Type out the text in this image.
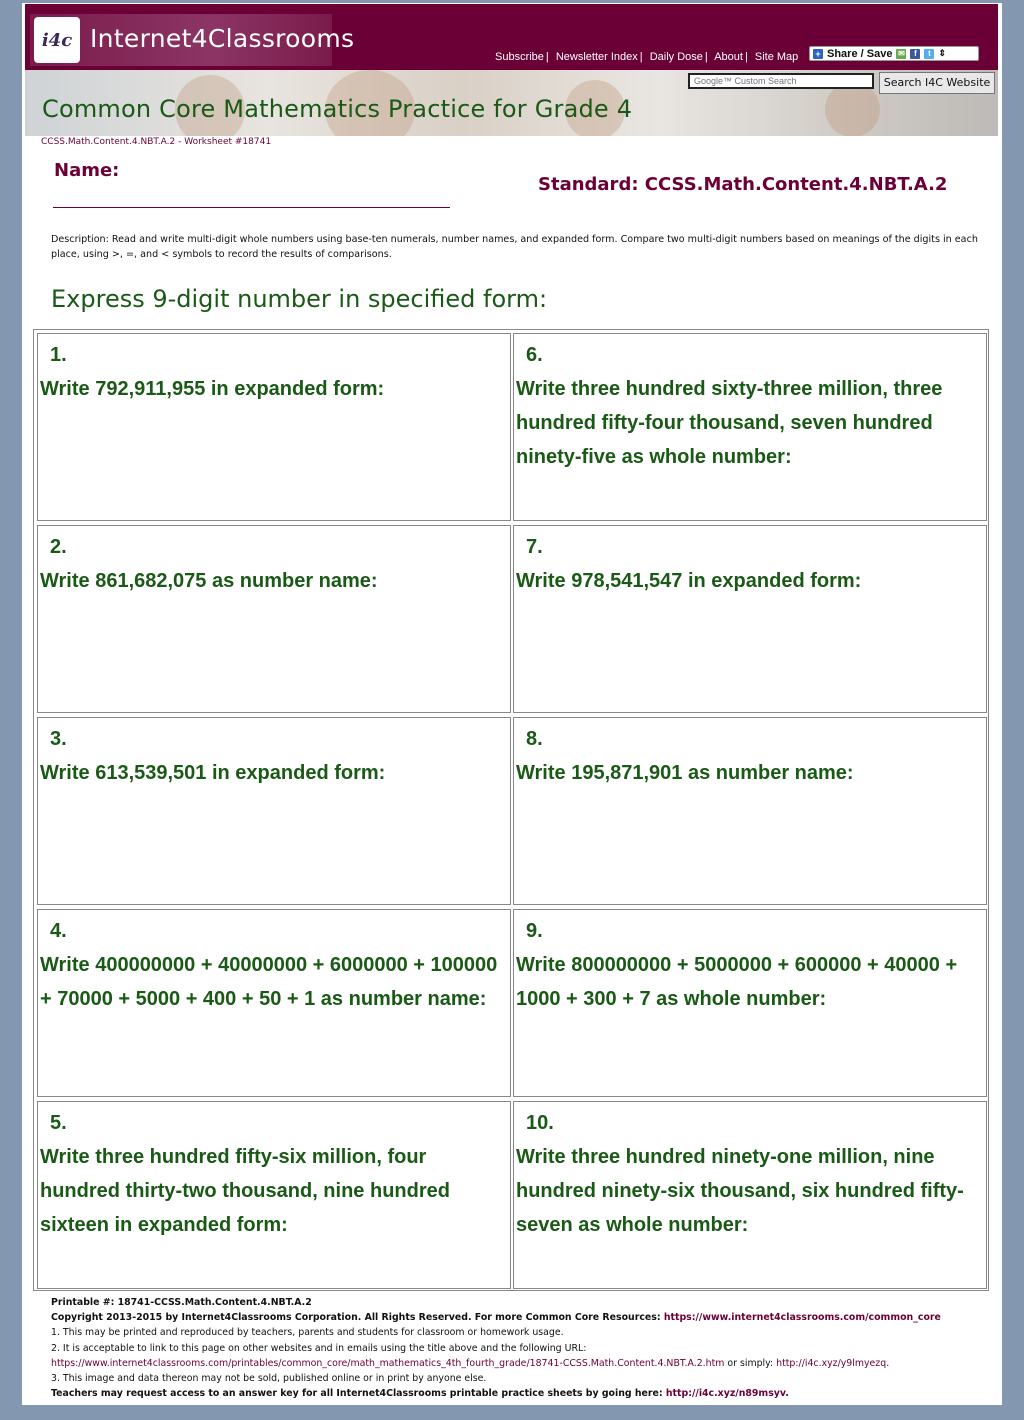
i4c Internet4Classrooms
Subscribe | Newsletter Index | Daily Dose | About | Site Map + Share / Save ✉	f	t ⇕
Google™ Custom Search
Search I4C Website
Common Core Mathematics Practice for Grade 4
CCSS.Math.Content.4.NBT.A.2 - Worksheet #18741
Name:
Standard: CCSS.Math.Content.4.NBT.A.2
Description: Read and write multi-digit whole numbers using base-ten numerals, number names, and expanded form. Compare two multi-digit numbers based on meanings of the digits in each place, using >, =, and < symbols to record the results of comparisons.
Express 9-digit number in specified form:
1.
Write 792,911,955 in expanded form:
6.
Write three hundred sixty-three million, three hundred fifty-four thousand, seven hundred ninety-five as whole number:
2.
Write 861,682,075 as number name:
7.
Write 978,541,547 in expanded form:
3.
Write 613,539,501 in expanded form:
8.
Write 195,871,901 as number name:
4.
Write 400000000 + 40000000 + 6000000 + 100000 + 70000 + 5000 + 400 + 50 + 1 as number name:
9.
Write 800000000 + 5000000 + 600000 + 40000 + 1000 + 300 + 7 as whole number:
5.
Write three hundred fifty-six million, four hundred thirty-two thousand, nine hundred sixteen in expanded form:
10.
Write three hundred ninety-one million, nine hundred ninety-six thousand, six hundred fifty-seven as whole number:
Printable #: 18741-CCSS.Math.Content.4.NBT.A.2
Copyright 2013-2015 by Internet4Classrooms Corporation. All Rights Reserved. For more Common Core Resources: https://www.internet4classrooms.com/common_core
1. This may be printed and reproduced by teachers, parents and students for classroom or homework usage.
2. It is acceptable to link to this page on other websites and in emails using the title above and the following URL:
https://www.internet4classrooms.com/printables/common_core/math_mathematics_4th_fourth_grade/18741-CCSS.Math.Content.4.NBT.A.2.htm or simply: http://i4c.xyz/y9lmyezq.
3. This image and data thereon may not be sold, published online or in print by anyone else.
Teachers may request access to an answer key for all Internet4Classrooms printable practice sheets by going here: http://i4c.xyz/n89msyv.
